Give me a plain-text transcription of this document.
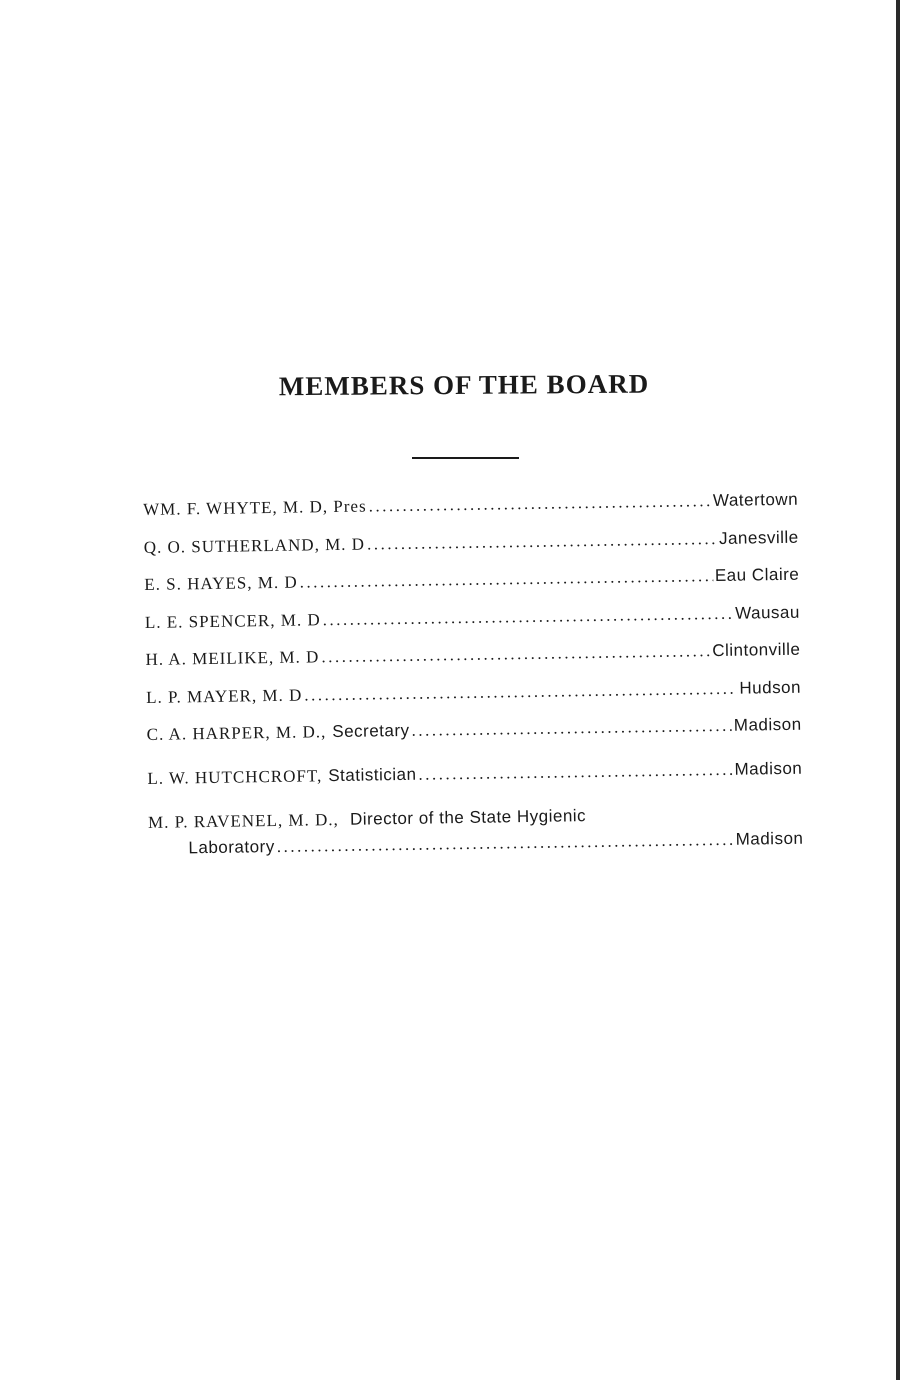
MEMBERS OF THE BOARD
WM. F. WHYTE, M. D , Pres .....	Watertown
Q. O. SUTHERLAND, M. D .....	Janesville
E. S. HAYES, M. D .....	Eau Claire
L. E. SPENCER, M. D .....	Wausau
H. A. MEILIKE, M. D .....	Clintonville
L. P. MAYER, M. D .....	Hudson
C. A. HARPER, M. D., Secretary .....	Madison
L. W. HUTCHCROFT, Statistician .....	Madison
M. P. RAVENEL, M. D., Director of the State Hygienic
Laboratory .....	Madison
